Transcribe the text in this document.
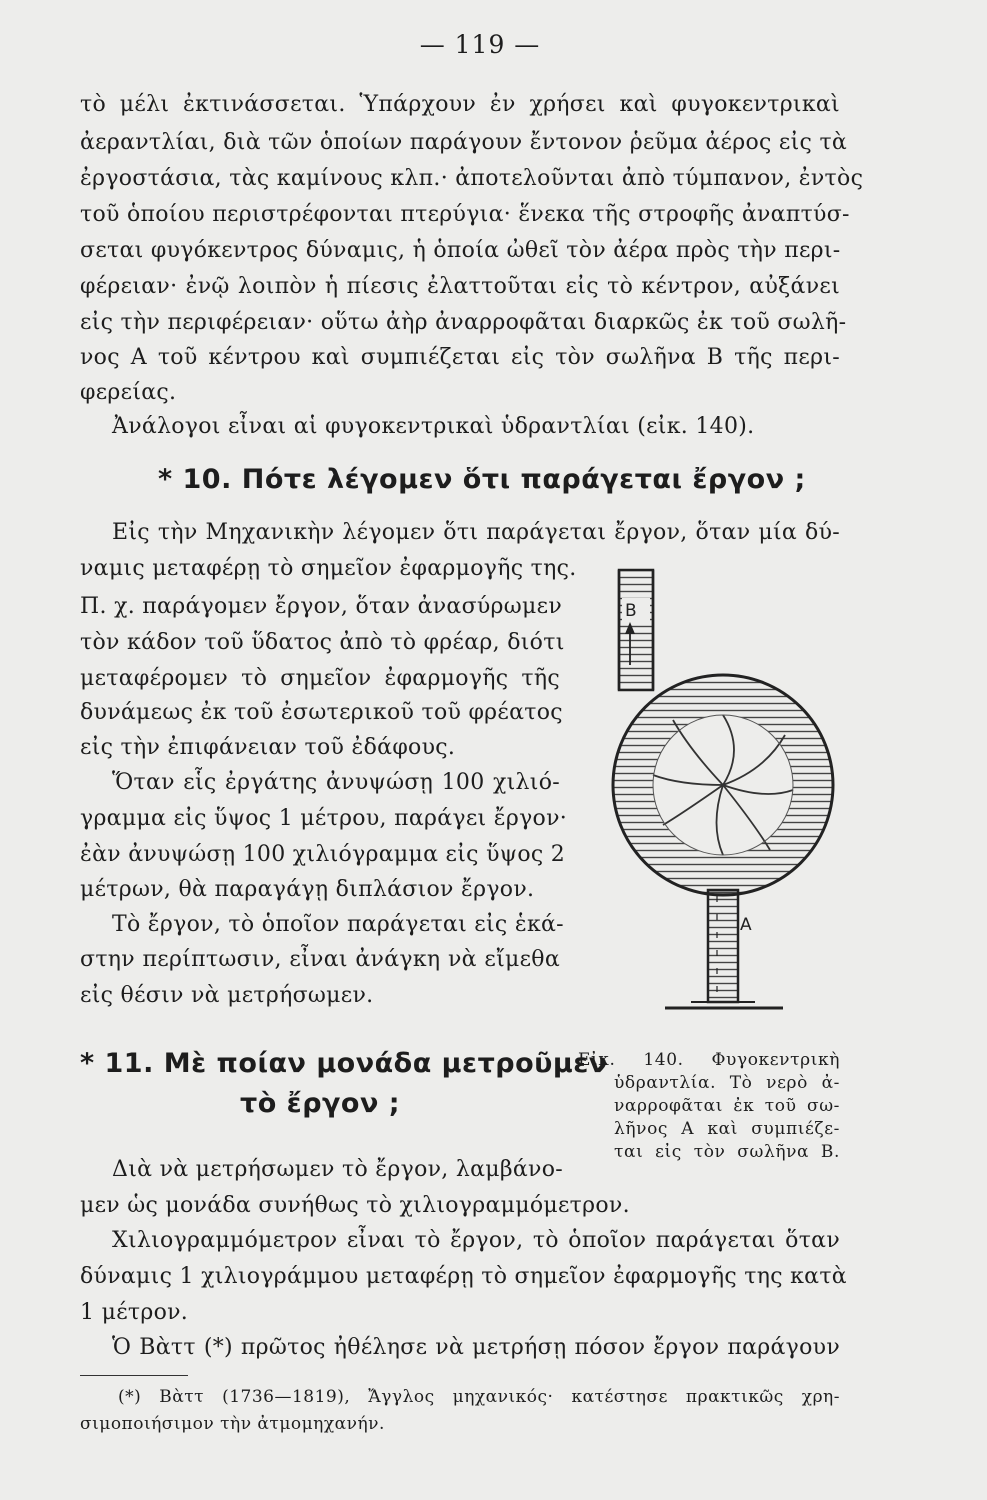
— 119 —
τὸ μέλι ἐκτινάσσεται. Ὑπάρχουν ἐν χρήσει καὶ φυγοκεντρικαὶ
ἀεραντλίαι, διὰ τῶν ὁποίων παράγουν ἔντονον ῥεῦμα ἀέρος εἰς τὰ
ἐργοστάσια, τὰς καμίνους κλπ.· ἀποτελοῦνται ἀπὸ τύμπανον, ἐντὸς
τοῦ ὁποίου περιστρέφονται πτερύγια· ἕνεκα τῆς στροφῆς ἀναπτύσ-
σεται φυγόκεντρος δύναμις, ἡ ὁποία ὠθεῖ τὸν ἀέρα πρὸς τὴν περι-
φέρειαν· ἐνῷ λοιπὸν ἡ πίεσις ἐλαττοῦται εἰς τὸ κέντρον, αὐξάνει
εἰς τὴν περιφέρειαν· οὕτω ἀὴρ ἀναρροφᾶται διαρκῶς ἐκ τοῦ σωλῆ-
νος Α τοῦ κέντρου καὶ συμπιέζεται εἰς τὸν σωλῆνα Β τῆς περι-
φερείας.
Ἀνάλογοι εἶναι αἱ φυγοκεντρικαὶ ὑδραντλίαι (εἰκ. 140).
* 10. Πότε λέγομεν ὅτι παράγεται ἔργον ;
Εἰς τὴν Μηχανικὴν λέγομεν ὅτι παράγεται ἔργον, ὅταν μία δύ-
ναμις μεταφέρῃ τὸ σημεῖον ἐφαρμογῆς της.
Π. χ. παράγομεν ἔργον, ὅταν ἀνασύρωμεν
τὸν κάδον τοῦ ὕδατος ἀπὸ τὸ φρέαρ, διότι
μεταφέρομεν τὸ σημεῖον ἐφαρμογῆς τῆς
δυνάμεως ἐκ τοῦ ἐσωτερικοῦ τοῦ φρέατος
εἰς τὴν ἐπιφάνειαν τοῦ ἐδάφους.
Ὅταν εἷς ἐργάτης ἀνυψώσῃ 100 χιλιό-
γραμμα εἰς ὕψος 1 μέτρου, παράγει ἔργον·
ἐὰν ἀνυψώσῃ 100 χιλιόγραμμα εἰς ὕψος 2
μέτρων, θὰ παραγάγῃ διπλάσιον ἔργον.
Τὸ ἔργον, τὸ ὁποῖον παράγεται εἰς ἑκά-
στην περίπτωσιν, εἶναι ἀνάγκη νὰ εἴμεθα
εἰς θέσιν νὰ μετρήσωμεν.
B
A
* 11. Μὲ ποίαν μονάδα μετροῦμεν
τὸ ἔργον ;
Εἰκ. 140. Φυγοκεντρικὴ
ὑδραντλία. Τὸ νερὸ ἀ-
ναρροφᾶται ἐκ τοῦ σω-
λῆνος Α καὶ συμπιέζε-
ται εἰς τὸν σωλῆνα Β.
Διὰ νὰ μετρήσωμεν τὸ ἔργον, λαμβάνο-
μεν ὡς μονάδα συνήθως τὸ χιλιογραμμόμετρον.
Χιλιογραμμόμετρον εἶναι τὸ ἔργον, τὸ ὁποῖον παράγεται ὅταν
δύναμις 1 χιλιογράμμου μεταφέρῃ τὸ σημεῖον ἐφαρμογῆς της κατὰ
1 μέτρον.
Ὁ Βὰττ (*) πρῶτος ἠθέλησε νὰ μετρήσῃ πόσον ἔργον παράγουν
(*) Βὰττ (1736—1819), Ἄγγλος μηχανικός· κατέστησε πρακτικῶς χρη-
σιμοποιήσιμον τὴν ἀτμομηχανήν.
